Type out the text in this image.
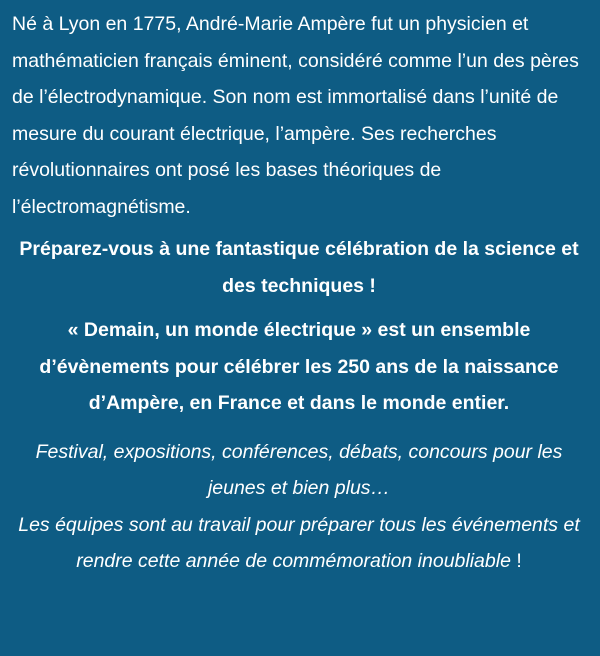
Né à Lyon en 1775, André-Marie Ampère fut un physicien et mathématicien français éminent, considéré comme l’un des pères de l’électrodynamique. Son nom est immortalisé dans l’unité de mesure du courant électrique, l’ampère. Ses recherches révolutionnaires ont posé les bases théoriques de l’électromagnétisme.

Préparez-vous à une fantastique célébration de la science et des techniques !

« Demain, un monde électrique » est un ensemble d’évènements pour célébrer les 250 ans de la naissance d’Ampère, en France et dans le monde entier.

Festival, expositions, conférences, débats, concours pour les jeunes et bien plus…
Les équipes sont au travail pour préparer tous les événements et rendre cette année de commémoration inoubliable !
